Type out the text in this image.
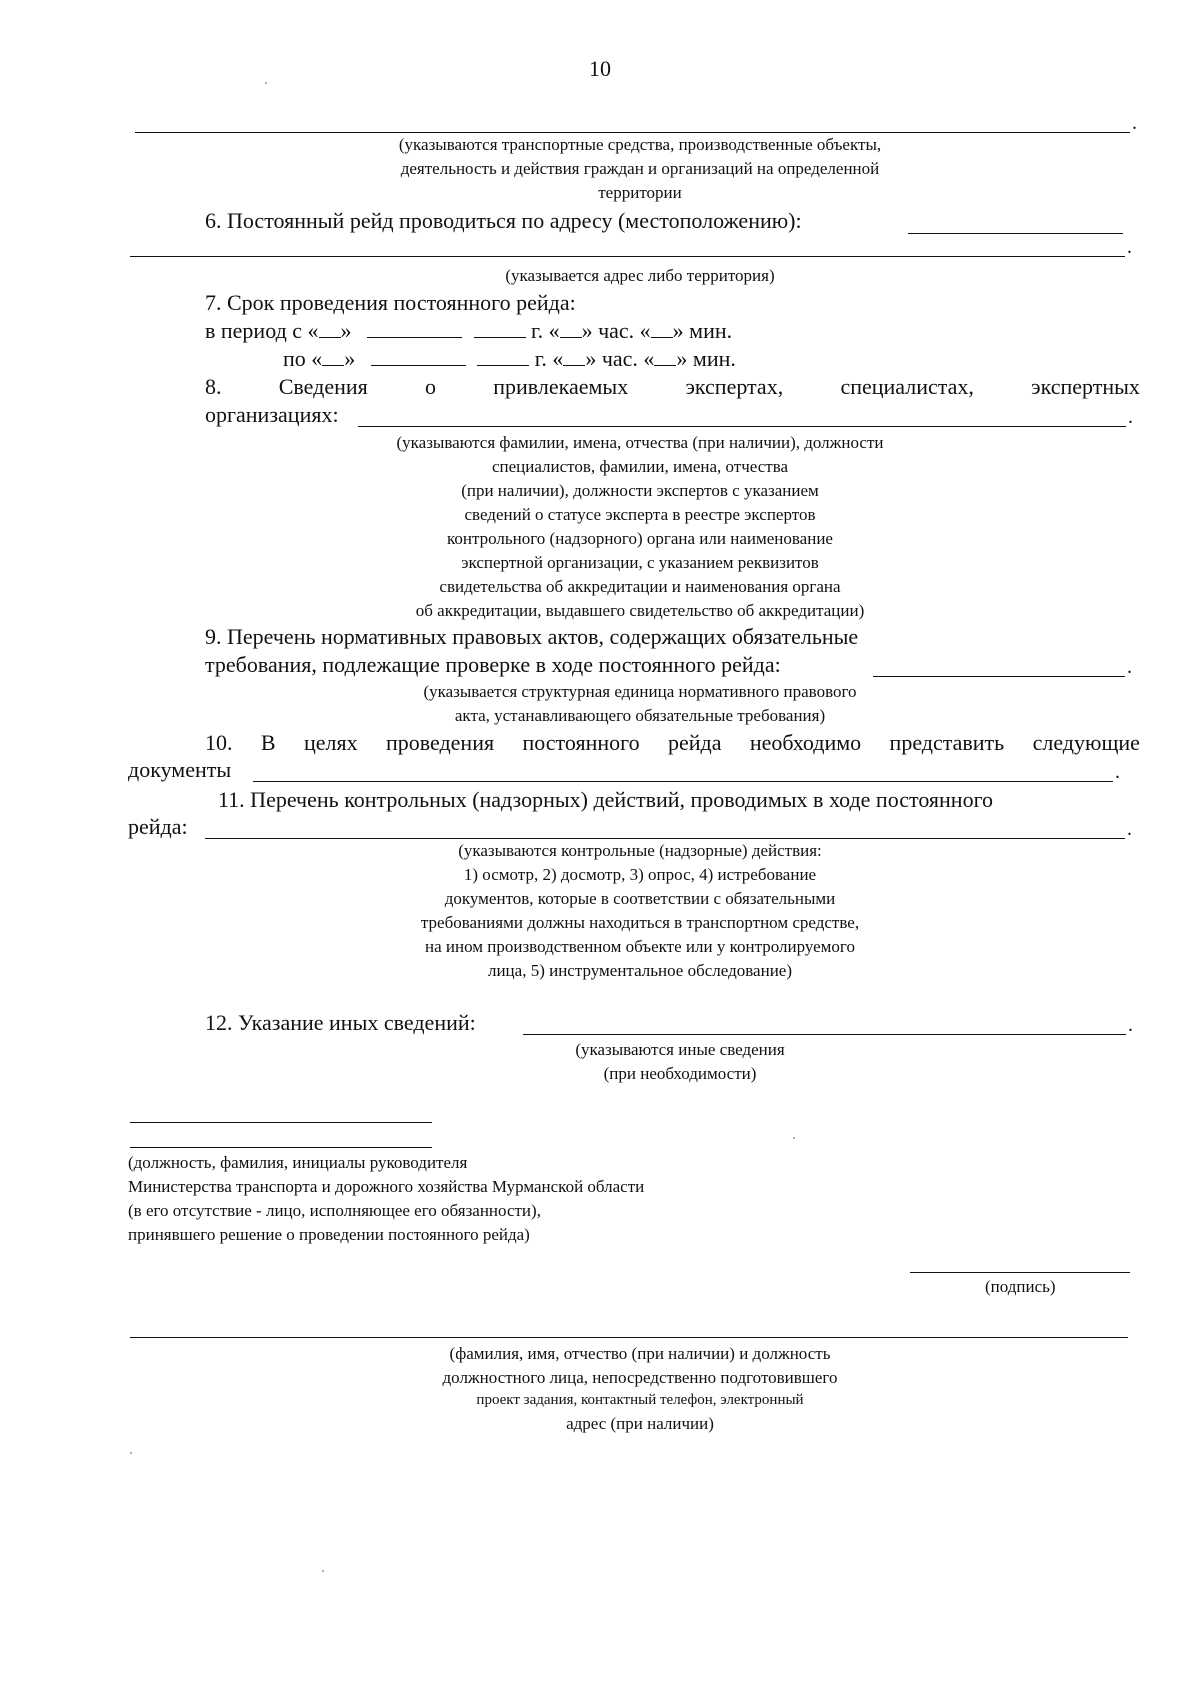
10
.
(указываются транспортные средства, производственные объекты,
деятельность и действия граждан и организаций на определенной
территории
6. Постоянный рейд проводиться по адресу (местоположению):
.
(указывается адрес либо территория)
7. Срок проведения постоянного рейда:
в период с « »	г. « » час. « » мин.
по « »	г. « » час. « » мин.
8.	Сведения	о	привлекаемых	экспертах,	специалистах,	экспертных
организациях:	.
(указываются фамилии, имена, отчества (при наличии), должности
специалистов, фамилии, имена, отчества
(при наличии), должности экспертов с указанием
сведений о статусе эксперта в реестре экспертов
контрольного (надзорного) органа или наименование
экспертной организации, с указанием реквизитов
свидетельства об аккредитации и наименования органа
об аккредитации, выдавшего свидетельство об аккредитации)
9. Перечень нормативных правовых актов, содержащих обязательные
требования, подлежащие проверке в ходе постоянного рейда:	.
(указывается структурная единица нормативного правового
акта, устанавливающего обязательные требования)
10. В целях проведения постоянного рейда необходимо представить следующие
документы	.
11. Перечень контрольных (надзорных) действий, проводимых в ходе постоянного
рейда:	.
(указываются контрольные (надзорные) действия:
1) осмотр, 2) досмотр, 3) опрос, 4) истребование
документов, которые в соответствии с обязательными
требованиями должны находиться в транспортном средстве,
на ином производственном объекте или у контролируемого
лица, 5) инструментальное обследование)
12. Указание иных сведений:	.
(указываются иные сведения
(при необходимости)
(должность, фамилия, инициалы руководителя
Министерства транспорта и дорожного хозяйства Мурманской области
(в его отсутствие - лицо, исполняющее его обязанности),
принявшего решение о проведении постоянного рейда)
(подпись)
(фамилия, имя, отчество (при наличии) и должность
должностного лица, непосредственно подготовившего
проект задания, контактный телефон, электронный
адрес (при наличии)
